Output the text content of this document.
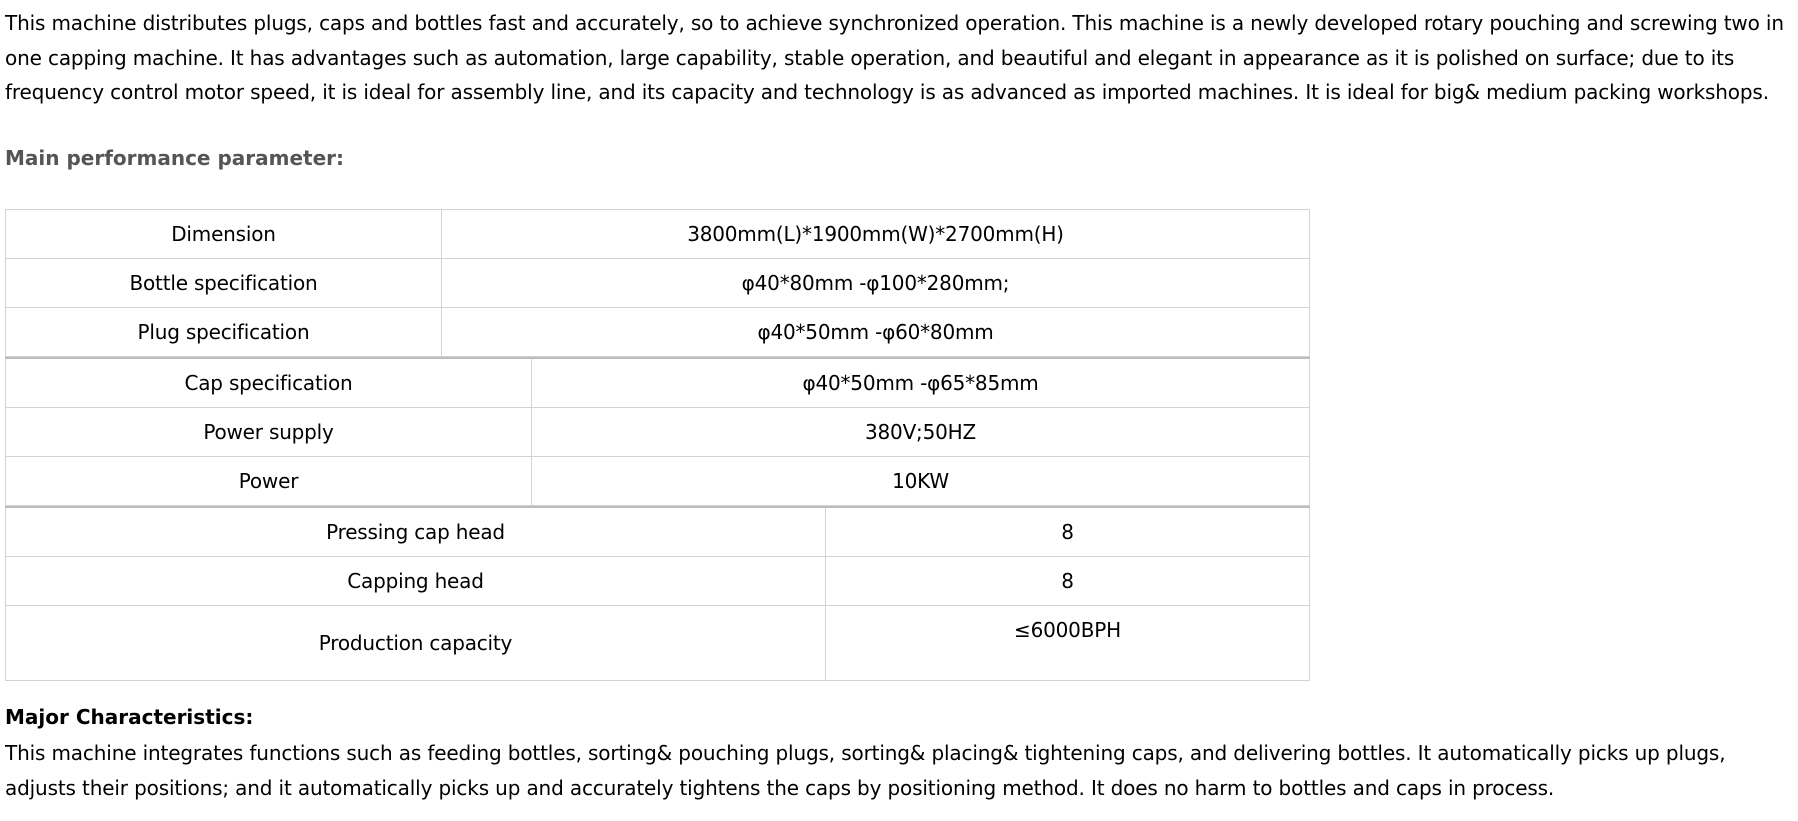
This machine distributes plugs, caps and bottles fast and accurately, so to achieve synchronized operation. This machine is a newly developed rotary pouching and screwing two in one capping machine. It has advantages such as automation, large capability, stable operation, and beautiful and elegant in appearance as it is polished on surface; due to its frequency control motor speed, it is ideal for assembly line, and its capacity and technology is as advanced as imported machines. It is ideal for big& medium packing workshops.

Main performance parameter:
Dimension	3800mm(L)*1900mm(W)*2700mm(H)
Bottle specification	φ40*80mm -φ100*280mm;
Plug specification	φ40*50mm -φ60*80mm
Cap specification	φ40*50mm -φ65*85mm
Power supply	380V;50HZ
Power	10KW
Pressing cap head	8
Capping head	8
Production capacity	≤6000BPH
Major Characteristics:

This machine integrates functions such as feeding bottles, sorting& pouching plugs, sorting& placing& tightening caps, and delivering bottles. It automatically picks up plugs, adjusts their positions; and it automatically picks up and accurately tightens the caps by positioning method. It does no harm to bottles and caps in process.
